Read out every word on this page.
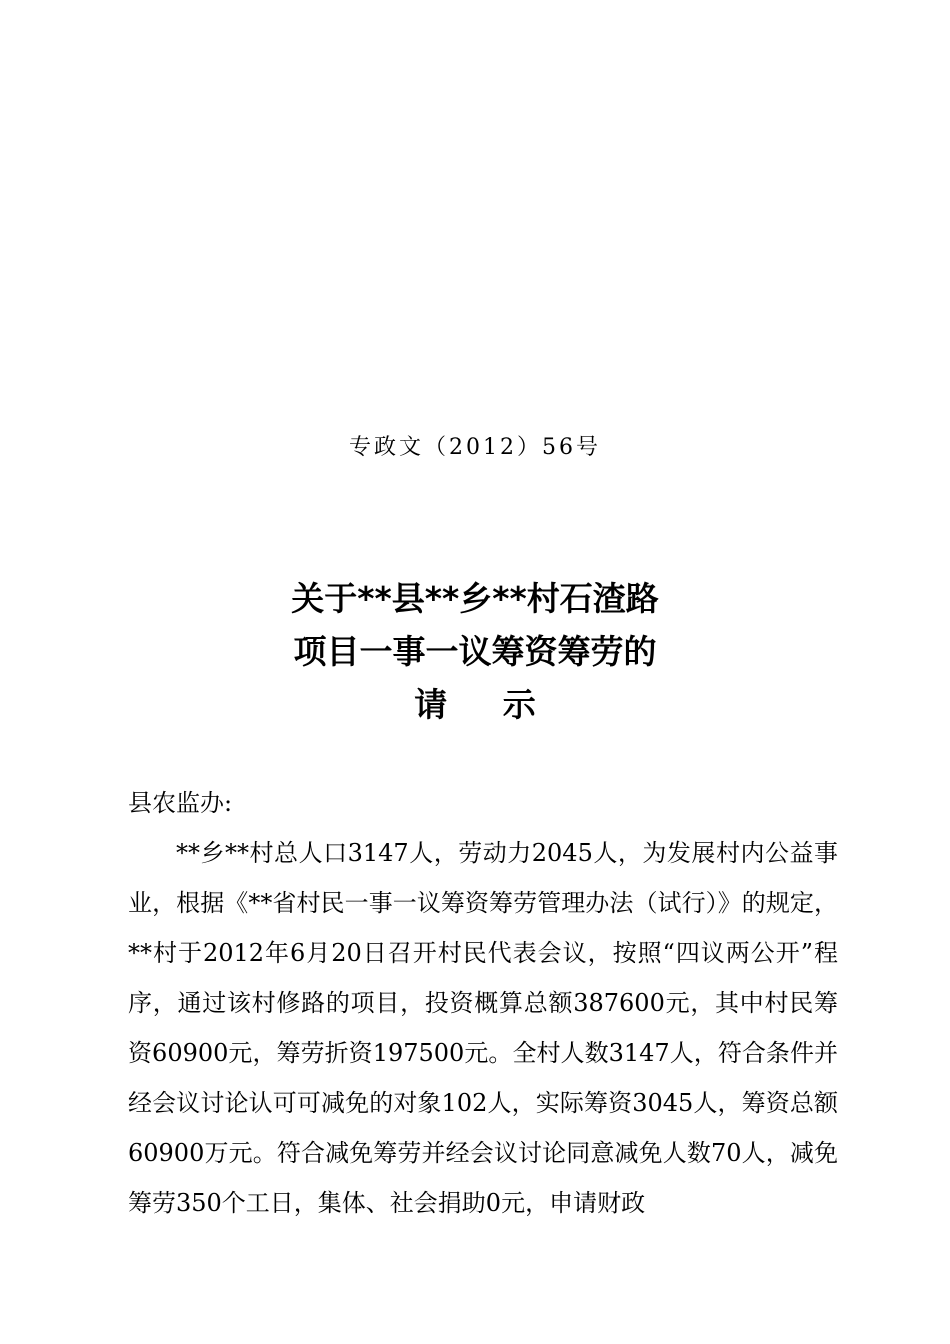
专政文（2012）56号
关于**县**乡**村石渣路
项目一事一议筹资筹劳的
请 示
县农监办:
**乡**村总人口3147人，劳动力2045人，为发展村内公益事业，根据《**省村民一事一议筹资筹劳管理办法（试行）》的规定，**村于2012年6月20日召开村民代表会议，按照“四议两公开”程序，通过该村修路的项目，投资概算总额387600元，其中村民筹资60900元，筹劳折资197500元。全村人数3147人，符合条件并经会议讨论认可可减免的对象102人，实际筹资3045人，筹资总额60900万元。符合减免筹劳并经会议讨论同意减免人数70人，减免筹劳350个工日，集体、社会捐助0元，申请财政
